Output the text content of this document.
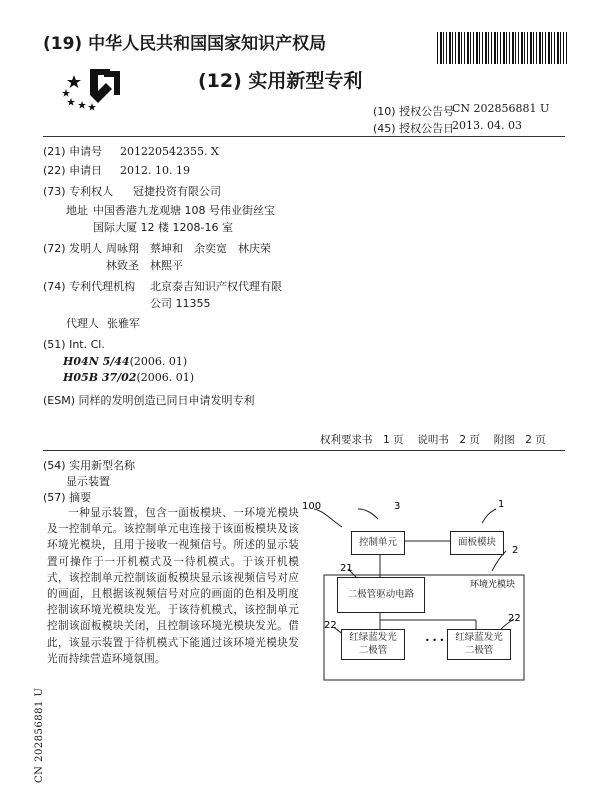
(19) 中华人民共和国国家知识产权局
(12) 实用新型专利
(10) 授权公告号
CN 202856881 U
(45) 授权公告日
2013. 04. 03
(21) 申请号 201220542355. X
(22) 申请日 2012. 10. 19
(73) 专利权人 冠捷投资有限公司
地址 中国香港九龙观塘 108 号伟业街丝宝
国际大厦 12 楼 1208-16 室
(72) 发明人 周咏翔　蔡坤和　余奕宽　林庆荣
林致圣　林熙平
(74) 专利代理机构 北京泰吉知识产权代理有限
公司 11355
代理人 张雅军
(51) Int. Cl.
H04N 5/44(2006. 01)
H05B 37/02(2006. 01)
(ESM) 同样的发明创造已同日申请发明专利
权利要求书　1 页　 说明书　2 页　 附图　2 页
(54) 实用新型名称
显示装置
(57) 摘要
一种显示装置，包含一面板模块、一环境光模块及一控制单元。该控制单元电连接于该面板模块及该环境光模块，且用于接收一视频信号。所述的显示装置可操作于一开机模式及一待机模式。于该开机模式，该控制单元控制该面板模块显示该视频信号对应的画面，且根据该视频信号对应的画面的色相及明度控制该环境光模块发光。于该待机模式，该控制单元控制该面板模块关闭，且控制该环境光模块发光。借此，该显示装置于待机模式下能通过该环境光模块发光而持续营造环境氛围。
100	3	1
2
21
22
22
环境光模块
• • •
控制单元	面板模块
二极管驱动电路
红绿蓝发光
二极管
红绿蓝发光
二极管
CN 202856881 U
